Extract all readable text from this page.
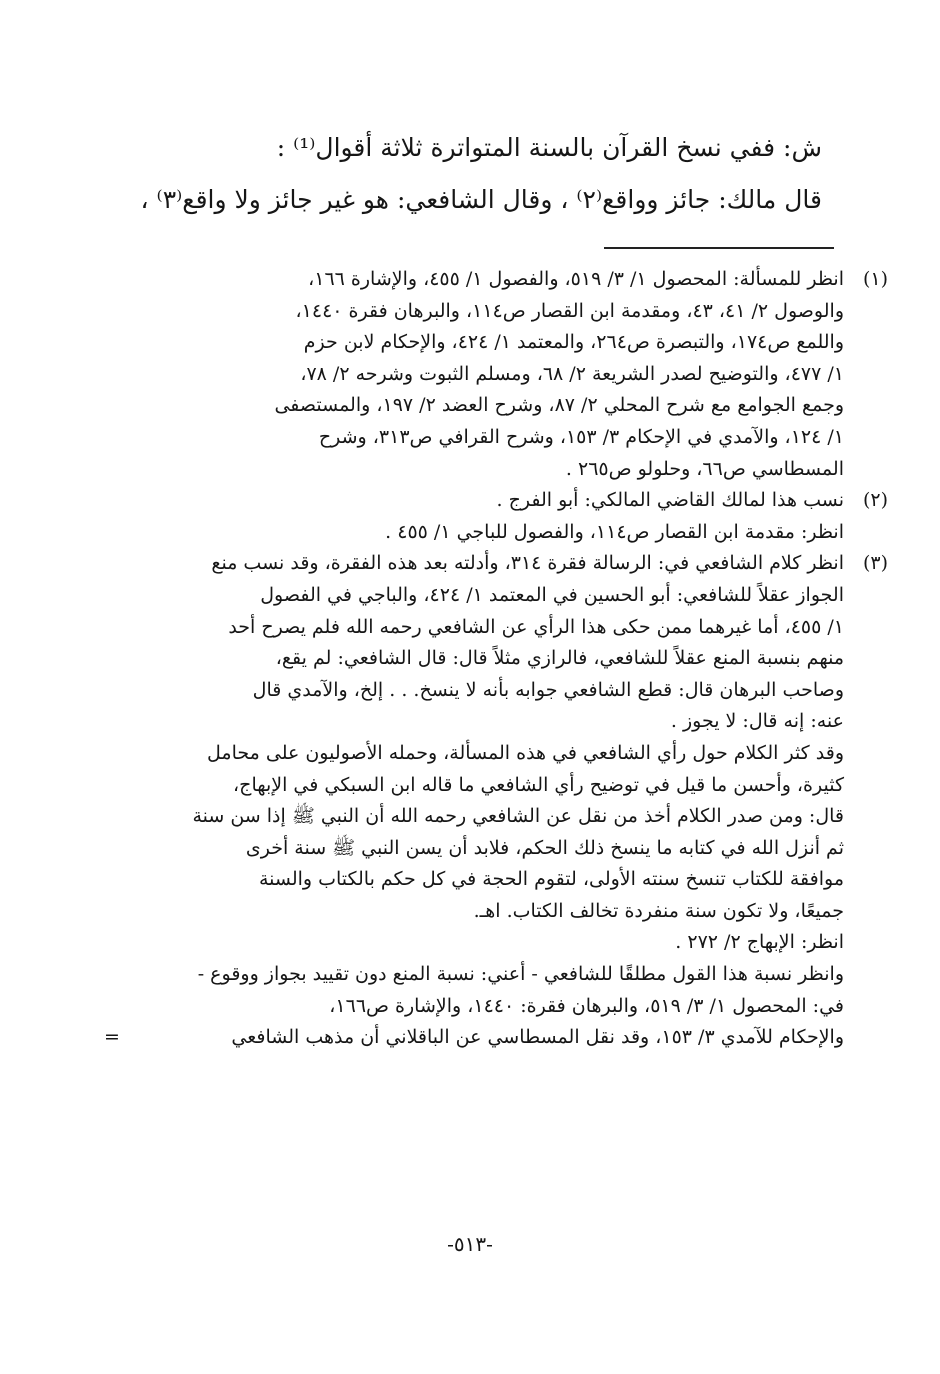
ش: ففي نسخ القرآن بالسنة المتواترة ثلاثة أقوال⁽¹⁾ :
قال مالك: جائز وواقع⁽٢⁾ ، وقال الشافعي: هو غير جائز ولا واقع⁽٣⁾ ،
(١)
انظر للمسألة: المحصول ١/ ٣/ ٥١٩، والفصول ١/ ٤٥٥، والإشارة ١٦٦،
والوصول ٢/ ٤١، ٤٣، ومقدمة ابن القصار ص١١٤، والبرهان فقرة ١٤٤٠،
واللمع ص١٧٤، والتبصرة ص٢٦٤، والمعتمد ١/ ٤٢٤، والإحكام لابن حزم
١/ ٤٧٧، والتوضيح لصدر الشريعة ٢/ ٦٨، ومسلم الثبوت وشرحه ٢/ ٧٨،
وجمع الجوامع مع شرح المحلي ٢/ ٨٧، وشرح العضد ٢/ ١٩٧، والمستصفى
١/ ١٢٤، والآمدي في الإحكام ٣/ ١٥٣، وشرح القرافي ص٣١٣، وشرح
المسطاسي ص٦٦، وحلولو ص٢٦٥ .
(٢)
نسب هذا لمالك القاضي المالكي: أبو الفرج .
انظر: مقدمة ابن القصار ص١١٤، والفصول للباجي ١/ ٤٥٥ .
(٣)
انظر كلام الشافعي في: الرسالة فقرة ٣١٤، وأدلته بعد هذه الفقرة، وقد نسب منع
الجواز عقلاً للشافعي: أبو الحسين في المعتمد ١/ ٤٢٤، والباجي في الفصول
١/ ٤٥٥، أما غيرهما ممن حكى هذا الرأي عن الشافعي رحمه الله فلم يصرح أحد
منهم بنسبة المنع عقلاً للشافعي، فالرازي مثلاً قال: قال الشافعي: لم يقع،
وصاحب البرهان قال: قطع الشافعي جوابه بأنه لا ينسخ. . . إلخ، والآمدي قال
عنه: إنه قال: لا يجوز .
وقد كثر الكلام حول رأي الشافعي في هذه المسألة، وحمله الأصوليون على محامل
كثيرة، وأحسن ما قيل في توضيح رأي الشافعي ما قاله ابن السبكي في الإبهاج،
قال: ومن صدر الكلام أخذ من نقل عن الشافعي رحمه الله أن النبي ﷺ إذا سن سنة
ثم أنزل الله في كتابه ما ينسخ ذلك الحكم، فلابد أن يسن النبي ﷺ سنة أخرى
موافقة للكتاب تنسخ سنته الأولى، لتقوم الحجة في كل حكم بالكتاب والسنة
جميعًا، ولا تكون سنة منفردة تخالف الكتاب. اهـ.
انظر: الإبهاج ٢/ ٢٧٢ .
وانظر نسبة هذا القول مطلقًا للشافعي - أعني: نسبة المنع دون تقييد بجواز ووقوع -
في: المحصول ١/ ٣/ ٥١٩، والبرهان فقرة: ١٤٤٠، والإشارة ص١٦٦،
والإحكام للآمدي ٣/ ١٥٣، وقد نقل المسطاسي عن الباقلاني أن مذهب الشافعي
=
-٥١٣-
